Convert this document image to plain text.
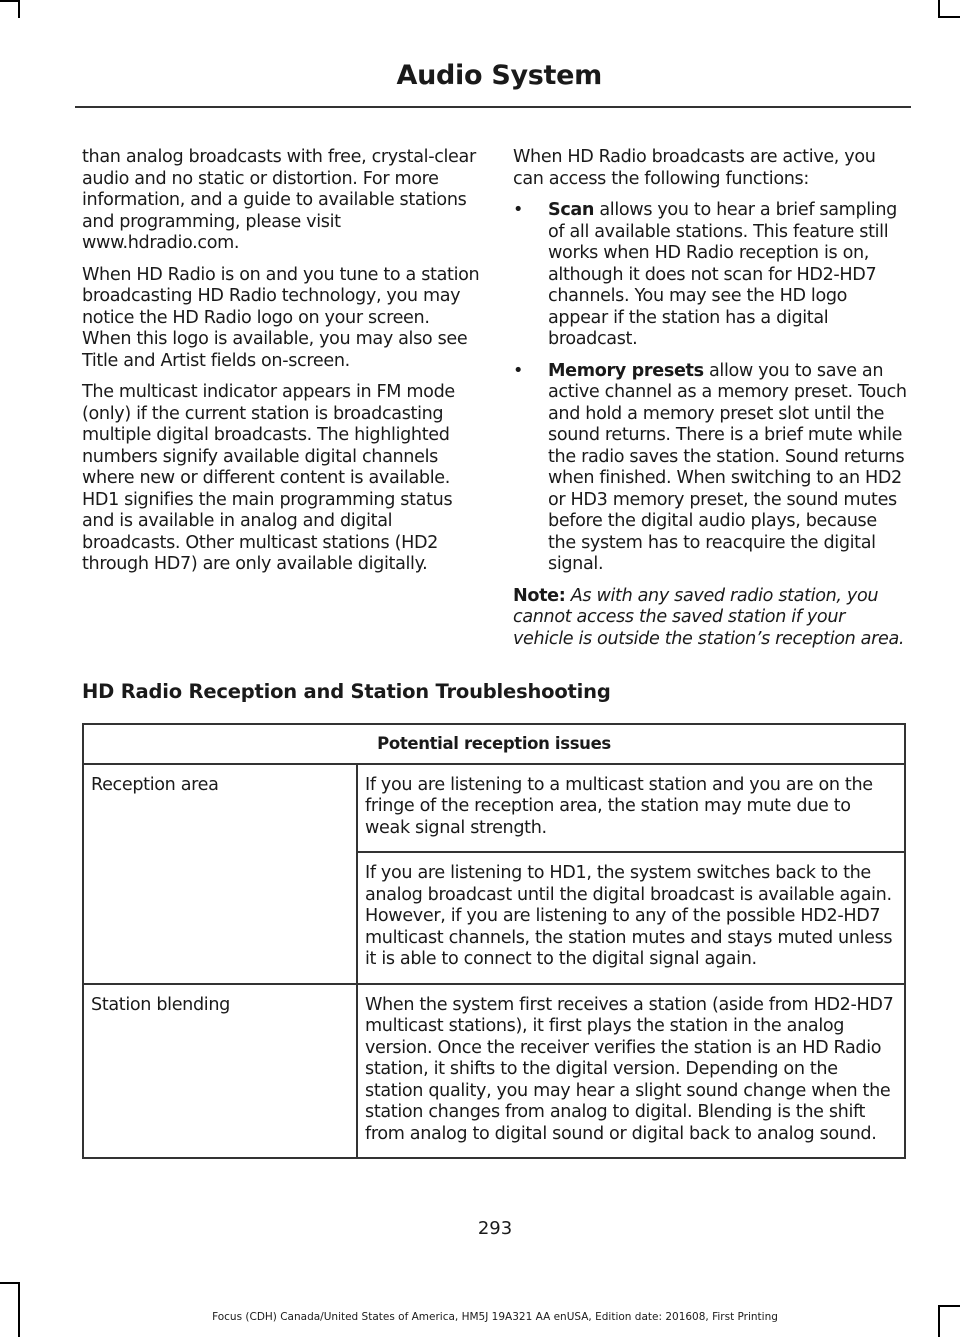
Audio System

than analog broadcasts with free, crystal-clear audio and no static or distortion. For more information, and a guide to available stations and programming, please visit www.hdradio.com.

When HD Radio is on and you tune to a station broadcasting HD Radio technology, you may notice the HD Radio logo on your screen. When this logo is available, you may also see Title and Artist fields on-screen.

The multicast indicator appears in FM mode (only) if the current station is broadcasting multiple digital broadcasts. The highlighted numbers signify available digital channels where new or different content is available. HD1 signifies the main programming status and is available in analog and digital broadcasts. Other multicast stations (HD2 through HD7) are only available digitally.

When HD Radio broadcasts are active, you can access the following functions:

• Scan allows you to hear a brief sampling of all available stations. This feature still works when HD Radio reception is on, although it does not scan for HD2-HD7 channels. You may see the HD logo appear if the station has a digital broadcast.
• Memory presets allow you to save an active channel as a memory preset. Touch and hold a memory preset slot until the sound returns. There is a brief mute while the radio saves the station. Sound returns when finished. When switching to an HD2 or HD3 memory preset, the sound mutes before the digital audio plays, because the system has to reacquire the digital signal.

Note: As with any saved radio station, you cannot access the saved station if your vehicle is outside the station’s reception area.

HD Radio Reception and Station Troubleshooting
Potential reception issues	
Reception area	If you are listening to a multicast station and you are on the fringe of the reception area, the station may mute due to weak signal strength.
	If you are listening to HD1, the system switches back to the analog broadcast until the digital broadcast is available again. However, if you are listening to any of the possible HD2-HD7 multicast channels, the station mutes and stays muted unless it is able to connect to the digital signal again.
Station blending	When the system first receives a station (aside from HD2-HD7 multicast stations), it first plays the station in the analog version. Once the receiver verifies the station is an HD Radio station, it shifts to the digital version. Depending on the station quality, you may hear a slight sound change when the station changes from analog to digital. Blending is the shift from analog to digital sound or digital back to analog sound.
293
Focus (CDH) Canada/United States of America, HM5J 19A321 AA enUSA, Edition date: 201608, First Printing
